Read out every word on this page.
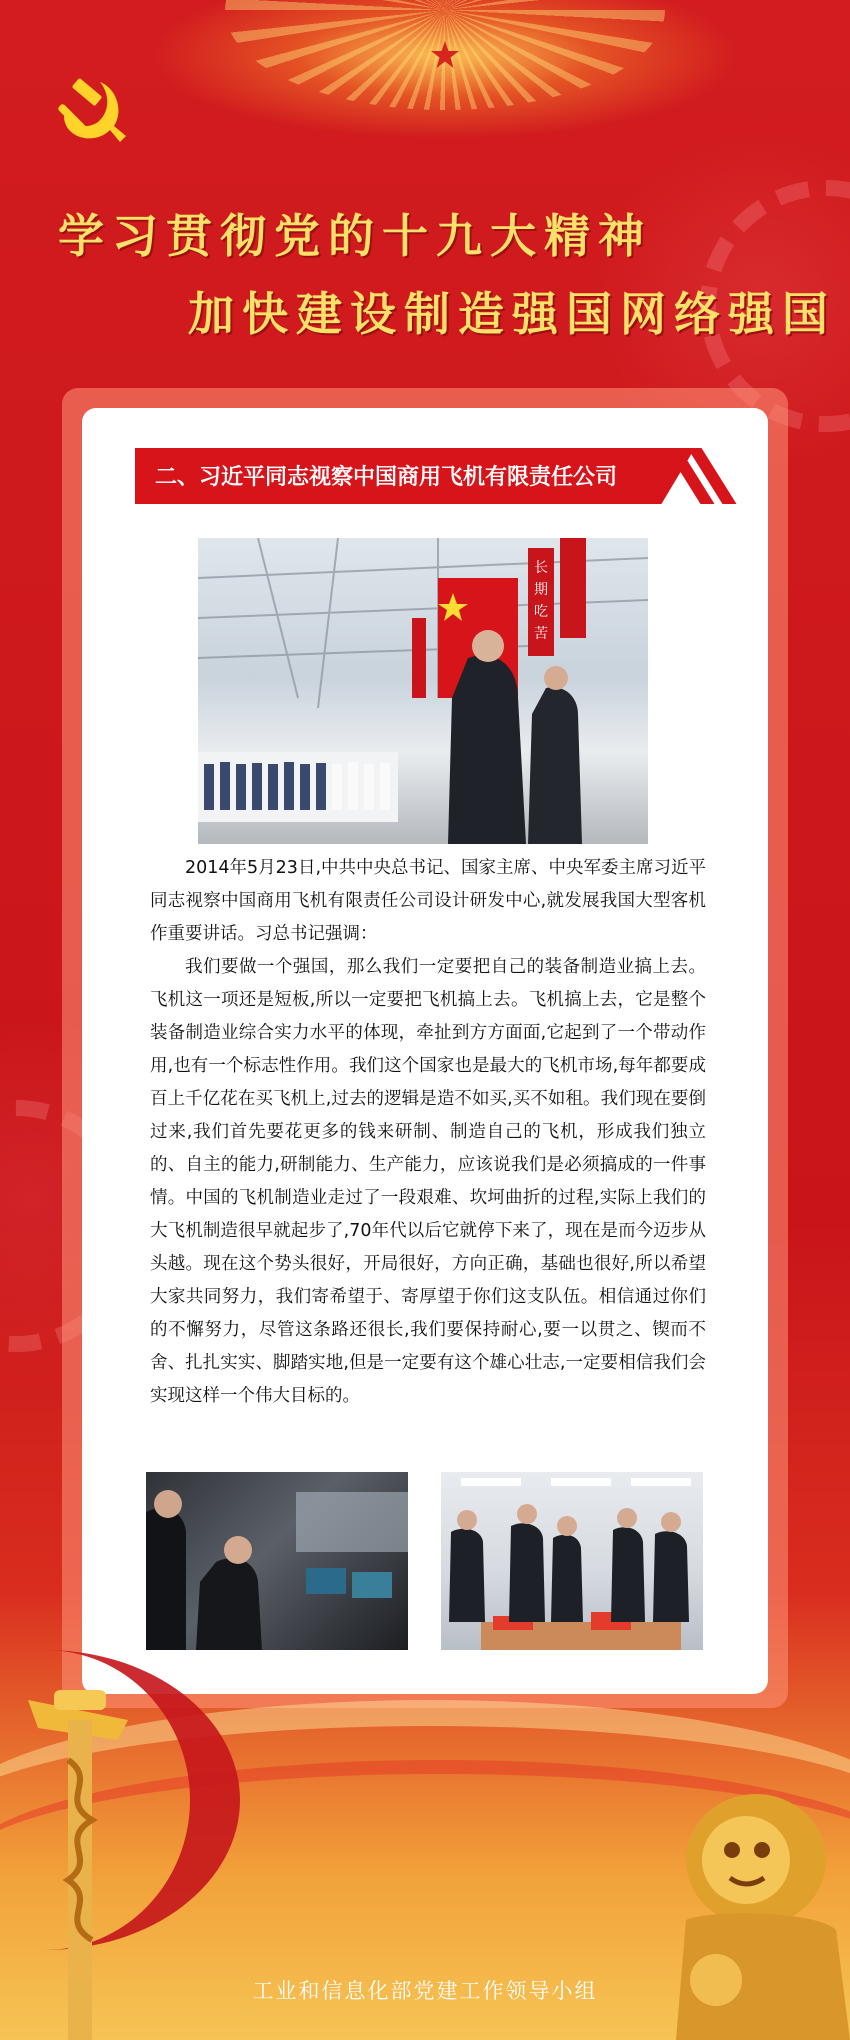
学习贯彻党的十九大精神
加快建设制造强国网络强国
二、习近平同志视察中国商用飞机有限责任公司
长期吃苦

2014年5月23日,中共中央总书记、国家主席、中央军委主席习近平同志视察中国商用飞机有限责任公司设计研发中心,就发展我国大型客机作重要讲话。习总书记强调：

我们要做一个强国，那么我们一定要把自己的装备制造业搞上去。飞机这一项还是短板,所以一定要把飞机搞上去。飞机搞上去，它是整个装备制造业综合实力水平的体现，牵扯到方方面面,它起到了一个带动作用,也有一个标志性作用。我们这个国家也是最大的飞机市场,每年都要成百上千亿花在买飞机上,过去的逻辑是造不如买,买不如租。我们现在要倒过来,我们首先要花更多的钱来研制、制造自己的飞机，形成我们独立的、自主的能力,研制能力、生产能力，应该说我们是必须搞成的一件事情。中国的飞机制造业走过了一段艰难、坎坷曲折的过程,实际上我们的大飞机制造很早就起步了,70年代以后它就停下来了，现在是而今迈步从头越。现在这个势头很好，开局很好，方向正确，基础也很好,所以希望大家共同努力，我们寄希望于、寄厚望于你们这支队伍。相信通过你们的不懈努力，尽管这条路还很长,我们要保持耐心,要一以贯之、锲而不舍、扎扎实实、脚踏实地,但是一定要有这个雄心壮志,一定要相信我们会实现这样一个伟大目标的。

工业和信息化部党建工作领导小组
